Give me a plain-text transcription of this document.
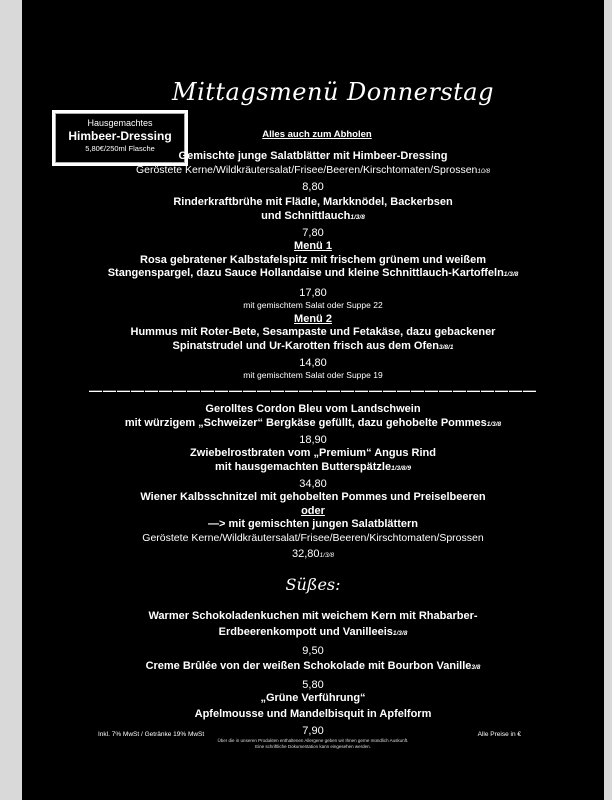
Mittagsmenü Donnerstag
Hausgemachtes
Himbeer-Dressing
5,80€/250ml Flasche
Alles auch zum Abholen
Gemischte junge Salatblätter mit Himbeer-Dressing
Geröstete Kerne/Wildkräutersalat/Frisee/Beeren/Kirschtomaten/Sprossen10/8
8,80
Rinderkraftbrühe mit Flädle, Markknödel, Backerbsen
und Schnittlauch1/3/8
7,80
Menü 1
Rosa gebratener Kalbstafelspitz mit frischem grünem und weißem
Stangenspargel, dazu Sauce Hollandaise und kleine Schnittlauch-Kartoffeln1/3/8
17,80
mit gemischtem Salat oder Suppe 22
Menü 2
Hummus mit Roter-Bete, Sesampaste und Fetakäse, dazu gebackener
Spinatstrudel und Ur-Karotten frisch aus dem Ofen3/8/1
14,80
mit gemischtem Salat oder Suppe 19
————————————————————————————————
Gerolltes Cordon Bleu vom Landschwein
mit würzigem „Schweizer“ Bergkäse gefüllt, dazu gehobelte Pommes1/3/8
18,90
Zwiebelrostbraten vom „Premium“ Angus Rind
mit hausgemachten Butterspätzle1/3/8/9
34,80
Wiener Kalbsschnitzel mit gehobelten Pommes und Preiselbeeren
oder
—> mit gemischten jungen Salatblättern
Geröstete Kerne/Wildkräutersalat/Frisee/Beeren/Kirschtomaten/Sprossen
32,801/3/8
Süßes:
Warmer Schokoladenkuchen mit weichem Kern mit Rhabarber-
Erdbeerenkompott und Vanilleeis1/3/8
9,50
Creme Brûlée von der weißen Schokolade mit Bourbon Vanille3/8
5,80
„Grüne Verführung“
Apfelmousse und Mandelbisquit in Apfelform
7,90
Über die in unseren Produkten enthaltenen Allergene geben wir Ihnen gerne mündlich Auskunft.
Eine schriftliche Dokumentation kann eingesehen werden.
Inkl. 7% MwSt / Getränke 19% MwSt	Alle Preise in €
